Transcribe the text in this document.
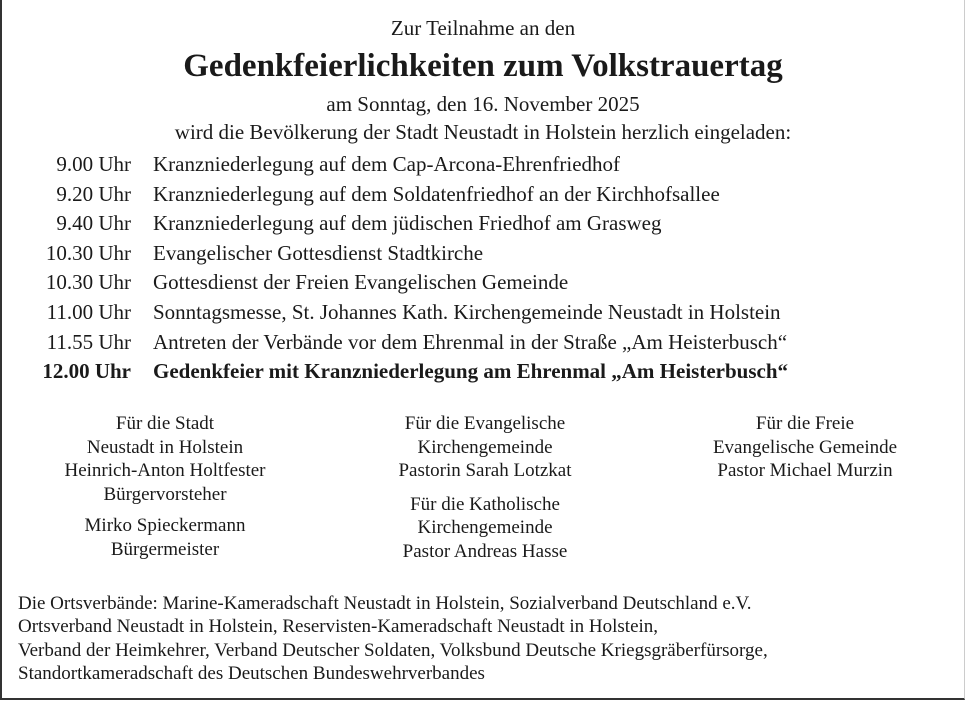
Zur Teilnahme an den
Gedenkfeierlichkeiten zum Volkstrauertag
am Sonntag, den 16. November 2025
wird die Bevölkerung der Stadt Neustadt in Holstein herzlich eingeladen:
9.00 Uhr Kranzniederlegung auf dem Cap-Arcona-Ehrenfriedhof
9.20 Uhr Kranzniederlegung auf dem Soldatenfriedhof an der Kirchhofsallee
9.40 Uhr Kranzniederlegung auf dem jüdischen Friedhof am Grasweg
10.30 Uhr Evangelischer Gottesdienst Stadtkirche
10.30 Uhr Gottesdienst der Freien Evangelischen Gemeinde
11.00 Uhr Sonntagsmesse, St. Johannes Kath. Kirchengemeinde Neustadt in Holstein
11.55 Uhr Antreten der Verbände vor dem Ehrenmal in der Straße „Am Heisterbusch“
12.00 Uhr Gedenkfeier mit Kranzniederlegung am Ehrenmal „Am Heisterbusch“
Für die Stadt
Neustadt in Holstein
Heinrich-Anton Holtfester
Bürgervorsteher
Mirko Spieckermann
Bürgermeister
Für die Evangelische
Kirchengemeinde
Pastorin Sarah Lotzkat
Für die Katholische
Kirchengemeinde
Pastor Andreas Hasse
Für die Freie
Evangelische Gemeinde
Pastor Michael Murzin
Die Ortsverbände: Marine-Kameradschaft Neustadt in Holstein, Sozialverband Deutschland e.V.
Ortsverband Neustadt in Holstein, Reservisten-Kameradschaft Neustadt in Holstein,
Verband der Heimkehrer, Verband Deutscher Soldaten, Volksbund Deutsche Kriegsgräberfürsorge,
Standortkameradschaft des Deutschen Bundeswehrverbandes
